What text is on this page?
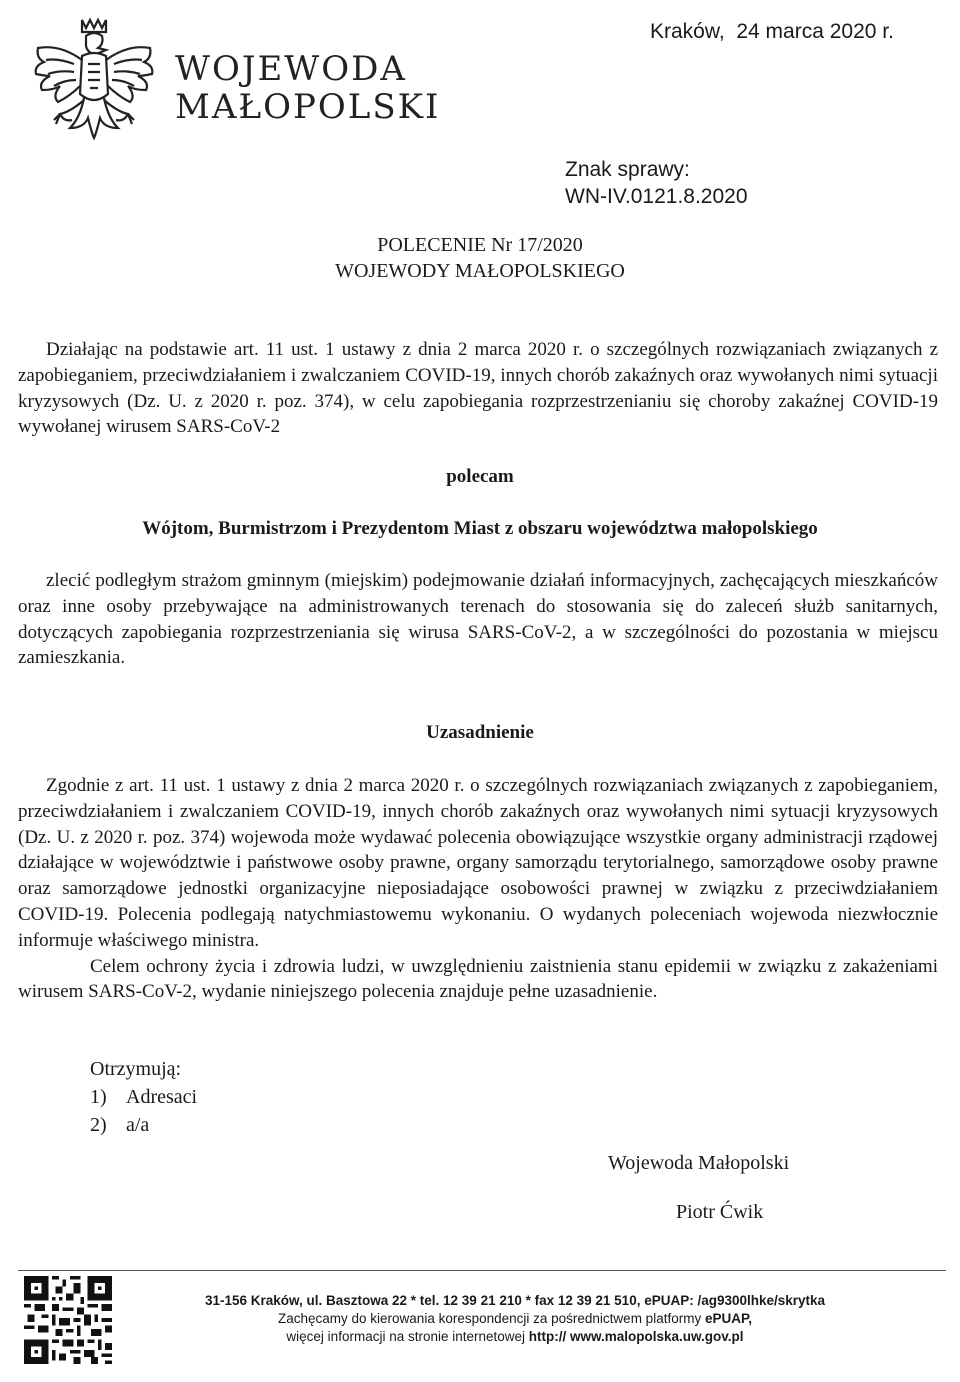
WOJEWODA
MAŁOPOLSKI
Kraków,  24 marca 2020 r.
Znak sprawy:
WN-IV.0121.8.2020
POLECENIE Nr 17/2020
WOJEWODY MAŁOPOLSKIEGO

Działając na podstawie art. 11 ust. 1 ustawy z dnia 2 marca 2020 r. o szczególnych rozwiązaniach związanych z zapobieganiem, przeciwdziałaniem i zwalczaniem COVID-19, innych chorób zakaźnych oraz wywołanych nimi sytuacji kryzysowych (Dz. U. z 2020 r. poz. 374), w celu zapobiegania rozprzestrzenianiu się choroby zakaźnej COVID-19 wywołanej wirusem SARS-CoV-2

polecam
Wójtom, Burmistrzom i Prezydentom Miast z obszaru województwa małopolskiego

zlecić podległym strażom gminnym (miejskim) podejmowanie działań informacyjnych, zachęcających mieszkańców oraz inne osoby przebywające na administrowanych terenach do stosowania się do zaleceń służb sanitarnych, dotyczących zapobiegania rozprzestrzeniania się wirusa SARS-CoV-2, a w szczególności do pozostania w miejscu zamieszkania.

Uzasadnienie

Zgodnie z art. 11 ust. 1 ustawy z dnia 2 marca 2020 r. o szczególnych rozwiązaniach związanych z zapobieganiem, przeciwdziałaniem i zwalczaniem COVID-19, innych chorób zakaźnych oraz wywołanych nimi sytuacji kryzysowych (Dz. U. z 2020 r. poz. 374) wojewoda może wydawać polecenia obowiązujące wszystkie organy administracji rządowej działające w województwie i państwowe osoby prawne, organy samorządu terytorialnego, samorządowe osoby prawne oraz samorządowe jednostki organizacyjne nieposiadające osobowości prawnej w związku z przeciwdziałaniem COVID-19. Polecenia podlegają natychmiastowemu wykonaniu. O wydanych poleceniach wojewoda niezwłocznie informuje właściwego ministra.

Celem ochrony życia i zdrowia ludzi, w uwzględnieniu zaistnienia stanu epidemii w związku z zakażeniami wirusem SARS-CoV-2, wydanie niniejszego polecenia znajduje pełne uzasadnienie.

Otrzymują:
1) Adresaci
2) a/a
Wojewoda Małopolski
Piotr Ćwik
31-156 Kraków, ul. Basztowa 22 * tel. 12 39 21 210 * fax 12 39 21 510, ePUAP: /ag9300lhke/skrytka
Zachęcamy do kierowania korespondencji za pośrednictwem platformy ePUAP,
więcej informacji na stronie internetowej http:// www.malopolska.uw.gov.pl
